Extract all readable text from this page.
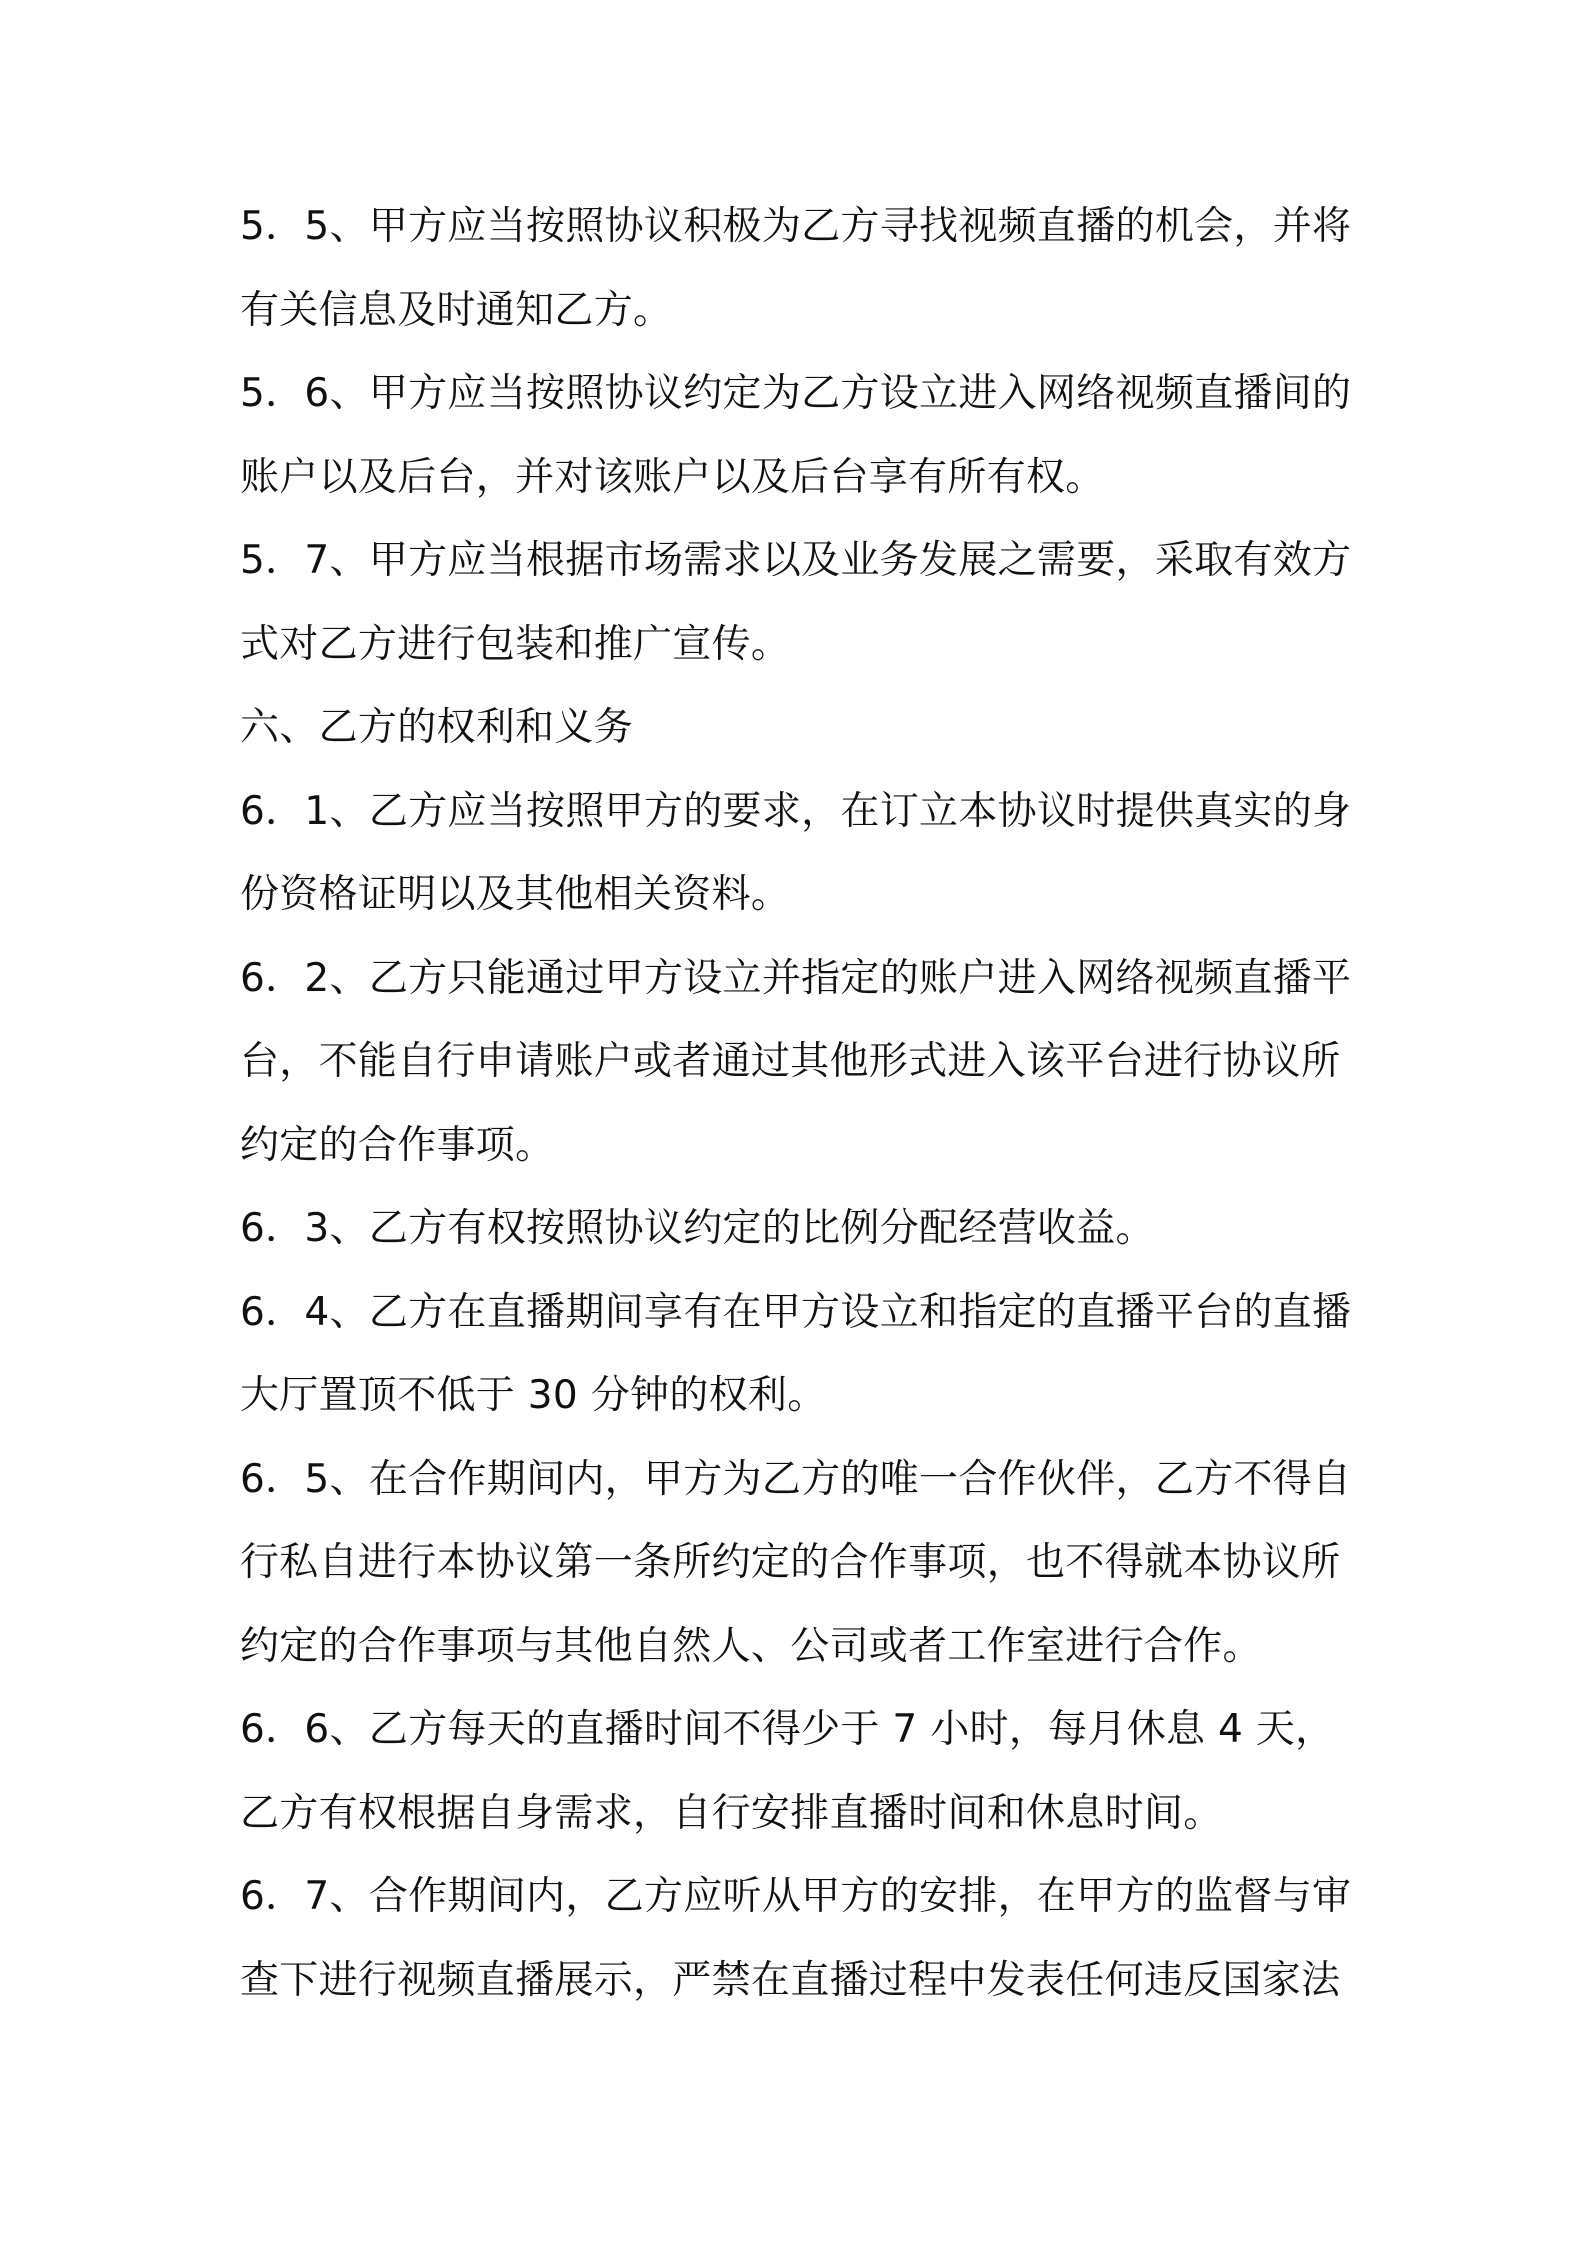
5．5、甲方应当按照协议积极为乙方寻找视频直播的机会，并将
有关信息及时通知乙方。
5．6、甲方应当按照协议约定为乙方设立进入网络视频直播间的
账户以及后台，并对该账户以及后台享有所有权。
5．7、甲方应当根据市场需求以及业务发展之需要，采取有效方
式对乙方进行包装和推广宣传。
六、乙方的权利和义务
6．1、乙方应当按照甲方的要求，在订立本协议时提供真实的身
份资格证明以及其他相关资料。
6．2、乙方只能通过甲方设立并指定的账户进入网络视频直播平
台，不能自行申请账户或者通过其他形式进入该平台进行协议所
约定的合作事项。
6．3、乙方有权按照协议约定的比例分配经营收益。
6．4、乙方在直播期间享有在甲方设立和指定的直播平台的直播
大厅置顶不低于 30 分钟的权利。
6．5、在合作期间内，甲方为乙方的唯一合作伙伴，乙方不得自
行私自进行本协议第一条所约定的合作事项，也不得就本协议所
约定的合作事项与其他自然人、公司或者工作室进行合作。
6．6、乙方每天的直播时间不得少于 7 小时，每月休息 4 天，
乙方有权根据自身需求，自行安排直播时间和休息时间。
6．7、合作期间内，乙方应听从甲方的安排，在甲方的监督与审
查下进行视频直播展示，严禁在直播过程中发表任何违反国家法
